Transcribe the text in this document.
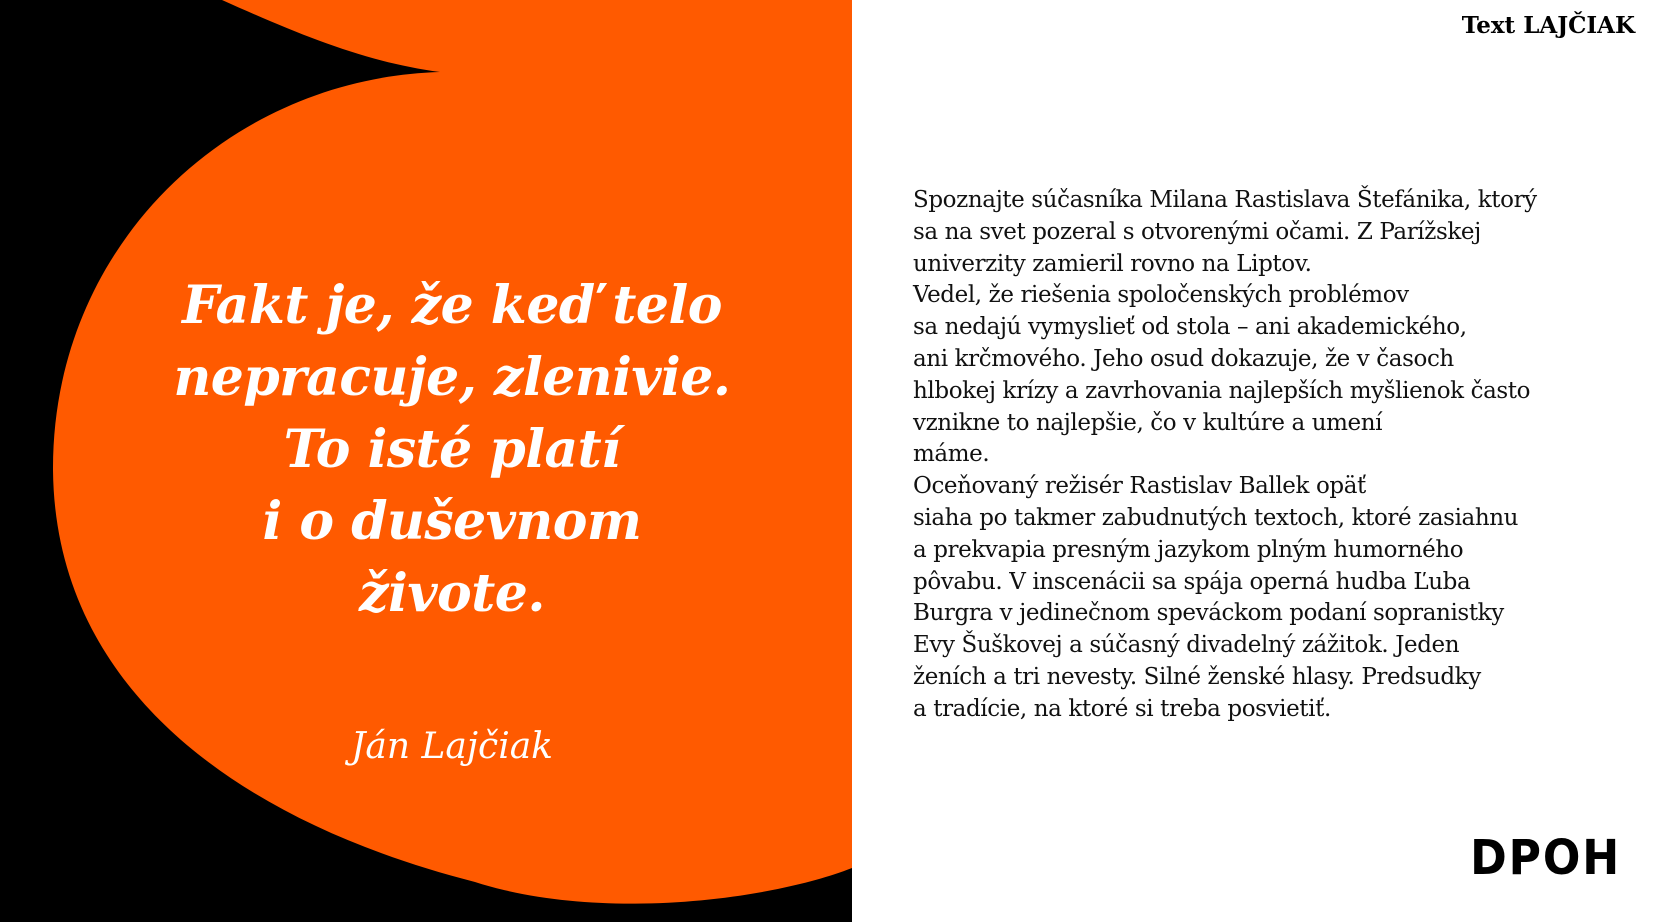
Fakt je, že keď telo
nepracuje, zlenivie.
To isté platí
i o duševnom
živote.
Ján Lajčiak
Text LAJČIAK
Spoznajte súčasníka Milana Rastislava Štefánika, ktorý
sa na svet pozeral s otvorenými očami. Z Parížskej
univerzity zamieril rovno na Liptov.
Vedel, že riešenia spoločenských problémov
sa nedajú vymyslieť od stola – ani akademického,
ani krčmového. Jeho osud dokazuje, že v časoch
hlbokej krízy a zavrhovania najlepších myšlienok často
vznikne to najlepšie, čo v kultúre a umení
máme.
Oceňovaný režisér Rastislav Ballek opäť
siaha po takmer zabudnutých textoch, ktoré zasiahnu
a prekvapia presným jazykom plným humorného
pôvabu. V inscenácii sa spája operná hudba Ľuba
Burgra v jedinečnom speváckom podaní sopranistky
Evy Šuškovej a súčasný divadelný zážitok. Jeden
ženích a tri nevesty. Silné ženské hlasy. Predsudky
a tradície, na ktoré si treba posvietiť.
DPOH
